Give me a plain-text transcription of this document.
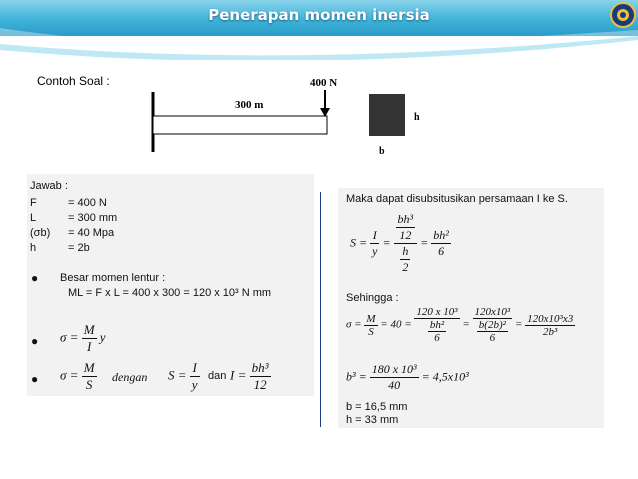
Penerapan momen inersia
Contoh Soal :
300 m
400 N
h
b
Jawab :
F	= 400 N
L	= 300 mm
(σb) = 40 Mpa
h	= 2b
● Besar momen lentur :
ML = F x L = 400 x 300 = 120 x 10³ N mm
● $\sigma = \frac{M}{I}$ y
● $\sigma = \frac{M}{S}$ dengan $S = \frac{I}{y}$ dan $I = \frac{\text{bh³}}{12}$
Maka dapat disubsitusikan persamaan I ke S.
$S = \frac{I}{y} = \frac{\frac{\text{bh³}}{12}}{\frac{h}{2}} = \frac{\text{bh²}}{6}$
Sehingga :
$\sigma = \frac{M}{S} = 40 = \frac{\text{120 x 10³}}{\frac{\text{bh²}}{6}} = \frac{\text{120x10³}}{\frac{\text{b(2b)²}}{6}} = \frac{\text{120x10³x3}}{\text{2b³}}$
$b^3 = \frac{\text{180 x 10³}}{40} = 4,5x10^3$
b = 16,5 mm
h = 33 mm
